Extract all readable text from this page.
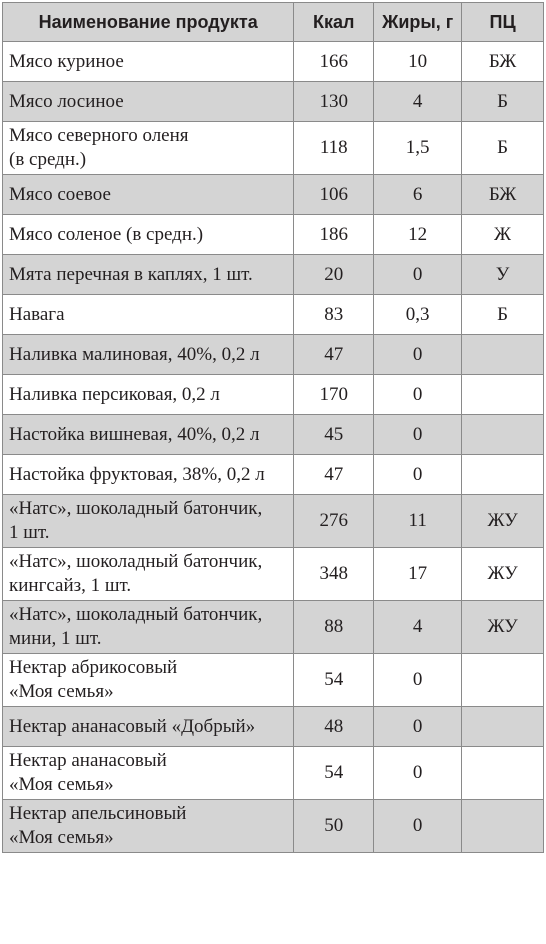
Наименование продукта	Ккал	Жиры, г	ПЦ
Мясо куриное	166	10	БЖ
Мясо лосиное	130	4	Б
Мясо северного оленя
(в средн.)	118	1,5	Б
Мясо соевое	106	6	БЖ
Мясо соленое (в средн.)	186	12	Ж
Мята перечная в каплях, 1 шт.	20	0	У
Навага	83	0,3	Б
Наливка малиновая, 40%, 0,2 л	47	0	
Наливка персиковая, 0,2 л	170	0	
Настойка вишневая, 40%, 0,2 л	45	0	
Настойка фруктовая, 38%, 0,2 л	47	0	
«Натс», шоколадный батончик,
1 шт.	276	11	ЖУ
«Натс», шоколадный батончик,
кингсайз, 1 шт.	348	17	ЖУ
«Натс», шоколадный батончик,
мини, 1 шт.	88	4	ЖУ
Нектар абрикосовый
«Моя семья»	54	0	
Нектар ананасовый «Добрый»	48	0	
Нектар ананасовый
«Моя семья»	54	0	
Нектар апельсиновый
«Моя семья»	50	0	
